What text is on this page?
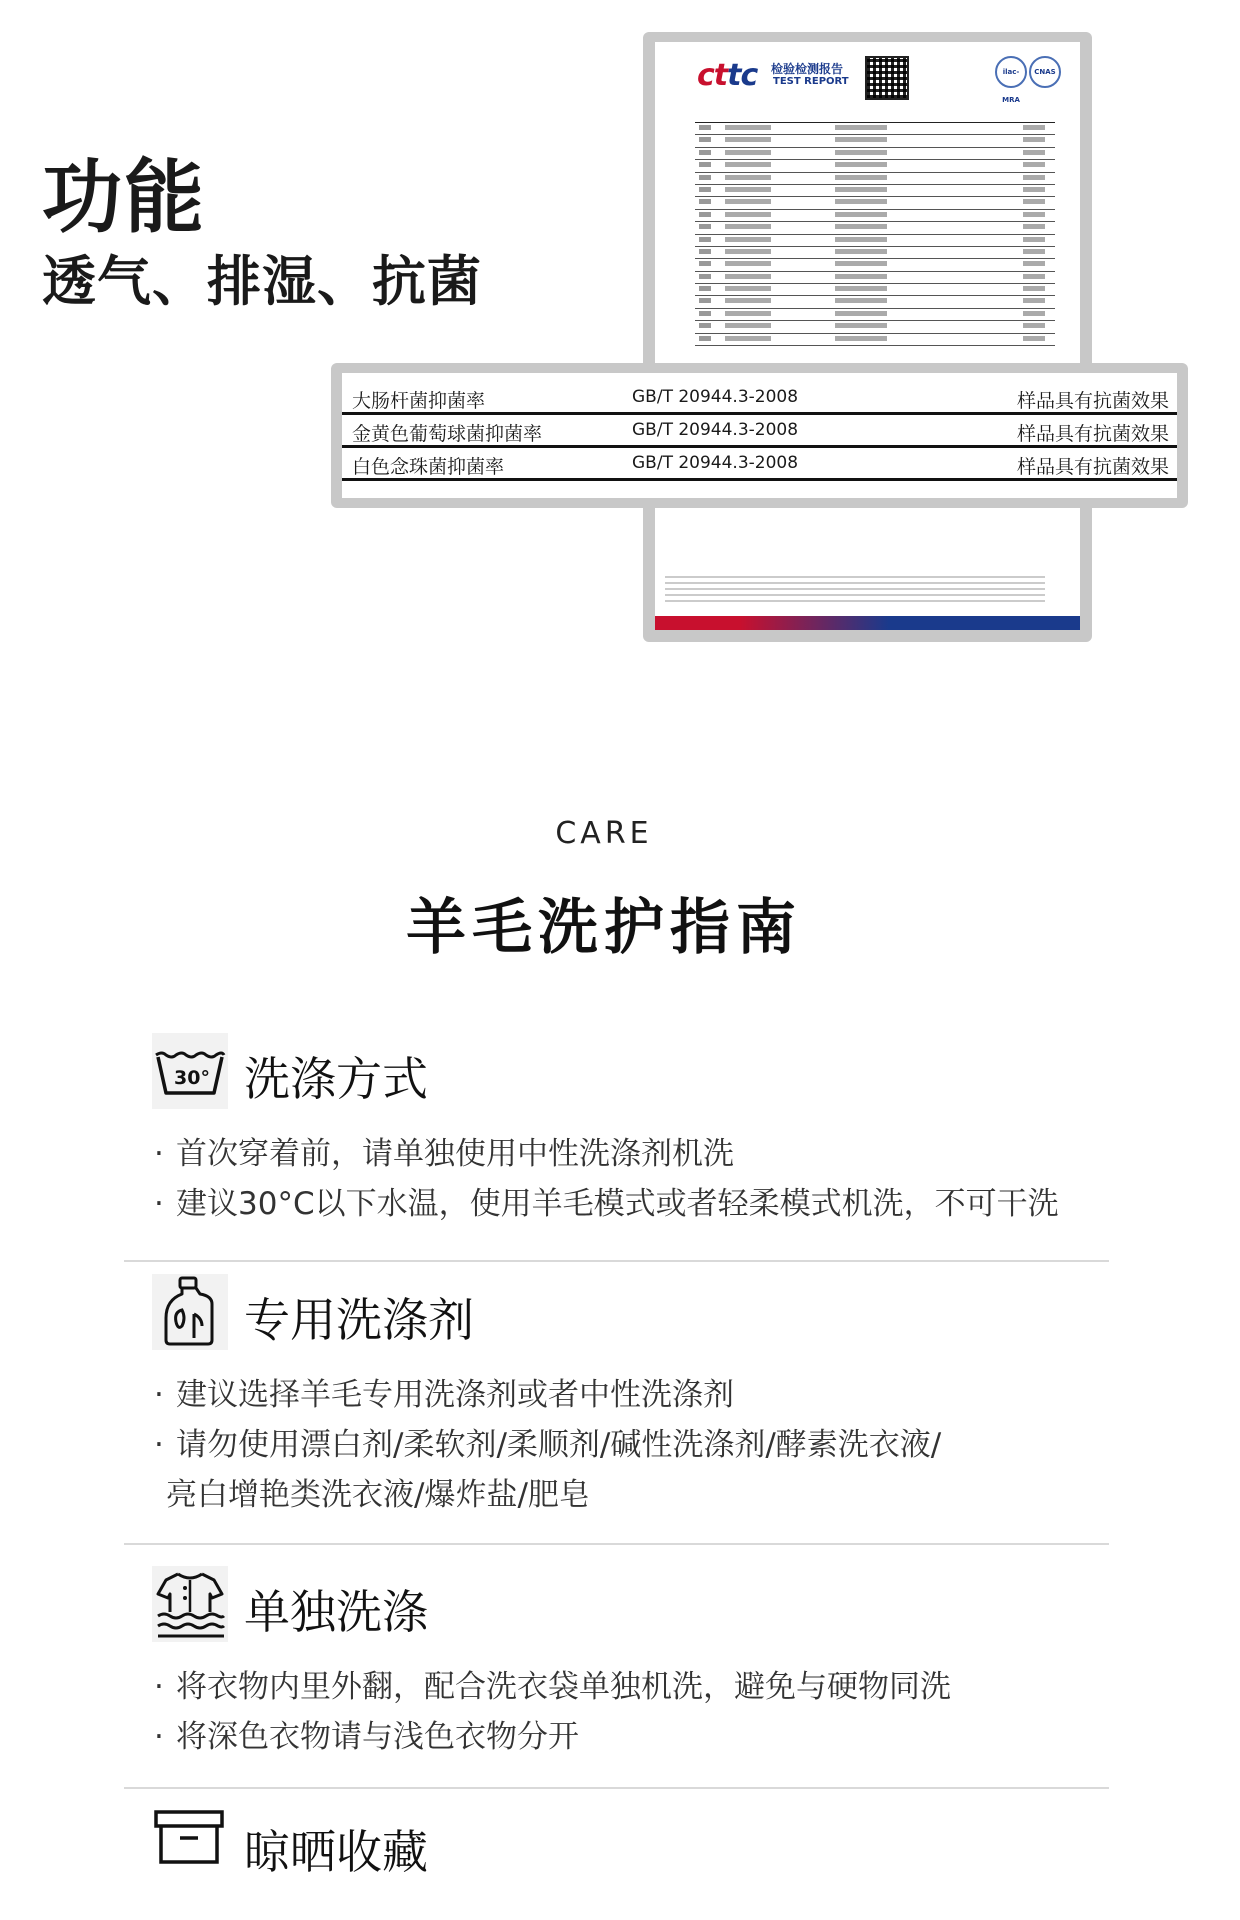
功能
透气、排湿、抗菌
cttc 检验检测报告
TEST REPORT
ilac-MRA
CNAS
大肠杆菌抑菌率	GB/T 20944.3-2008	样品具有抗菌效果
金黄色葡萄球菌抑菌率	GB/T 20944.3-2008	样品具有抗菌效果
白色念珠菌抑菌率	GB/T 20944.3-2008	样品具有抗菌效果
CARE
羊毛洗护指南
30° 洗涤方式
· 首次穿着前，请单独使用中性洗涤剂机洗
· 建议30°C以下水温，使用羊毛模式或者轻柔模式机洗，不可干洗
专用洗涤剂
· 建议选择羊毛专用洗涤剂或者中性洗涤剂
· 请勿使用漂白剂/柔软剂/柔顺剂/碱性洗涤剂/酵素洗衣液/
亮白增艳类洗衣液/爆炸盐/肥皂
单独洗涤
· 将衣物内里外翻，配合洗衣袋单独机洗，避免与硬物同洗
· 将深色衣物请与浅色衣物分开
晾晒收藏
